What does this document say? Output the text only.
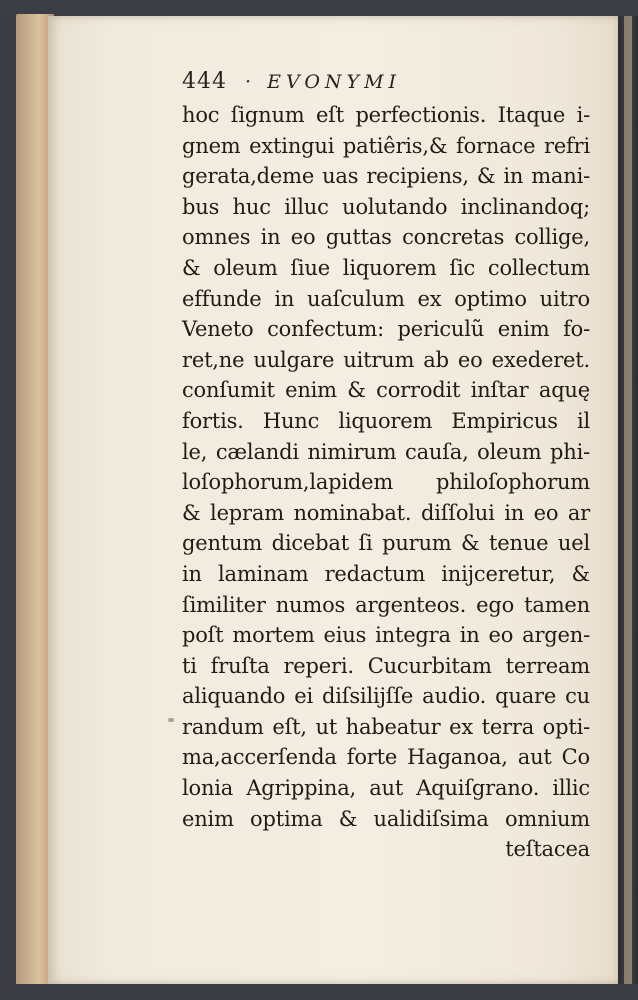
444 · EVONYMI
hoc ſignum eſt perfectionis. Itaque i-
gnem extingui patiêris,& fornace refri
gerata,deme uas recipiens, & in mani-
bus huc illuc uolutando inclinandoq;
omnes in eo guttas concretas collige,
& oleum ſiue liquorem ſic collectum
effunde in uaſculum ex optimo uitro
Veneto confectum: periculũ enim fo-
ret,ne uulgare uitrum ab eo exederet.
conſumit enim & corrodit inſtar aquę
fortis. Hunc liquorem Empiricus il
le, cælandi nimirum cauſa, oleum phi-
loſophorum,lapidem philoſophorum
& lepram nominabat. diſſolui in eo ar
gentum dicebat ſi purum & tenue uel
in laminam redactum inijceretur, &
ſimiliter numos argenteos. ego tamen
poſt mortem eius integra in eo argen-
ti fruſta reperi. Cucurbitam terream
aliquando ei diſsilijſſe audio. quare cu
randum eſt, ut habeatur ex terra opti-
ma,accerſenda forte Haganoa, aut Co
lonia Agrippina, aut Aquiſgrano. illic
enim optima & ualidiſsima omnium
teſtacea
